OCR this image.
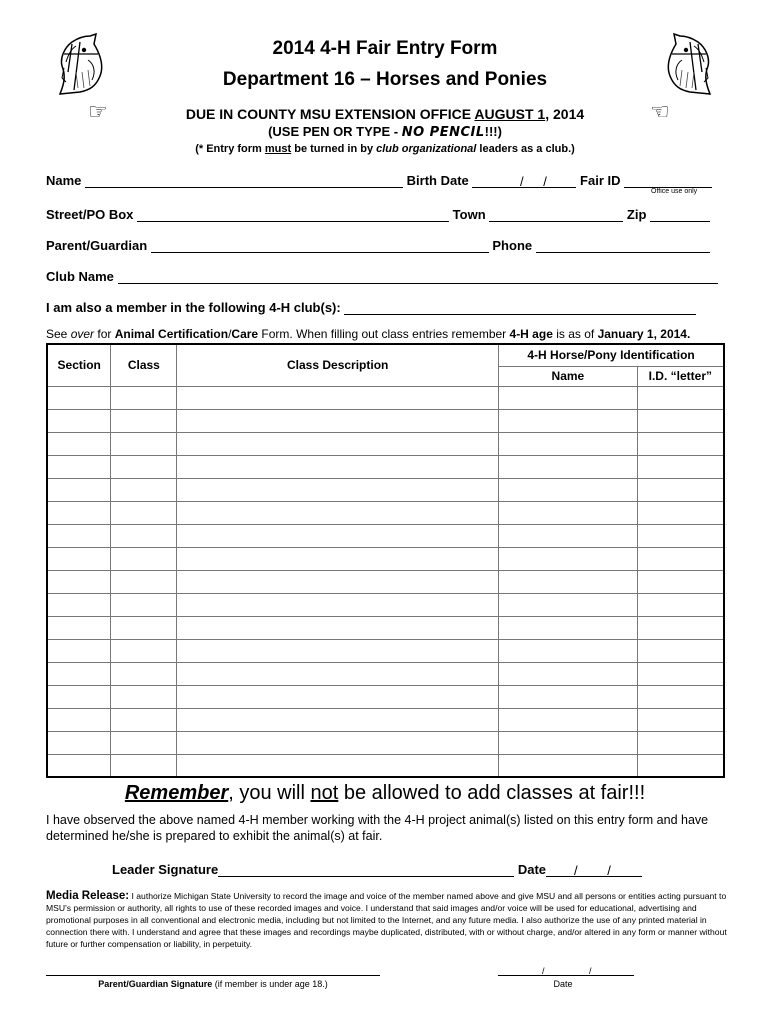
2014 4-H Fair Entry Form
Department 16 – Horses and Ponies
☞	☜
DUE IN COUNTY MSU EXTENSION OFFICE AUGUST 1, 2014
(USE PEN OR TYPE - NO PENCIL!!!)
(* Entry form must be turned in by club organizational leaders as a club.)
Name	Birth Date	/ /	Fair ID
Office use only
Street/PO Box	Town	Zip
Parent/Guardian	Phone
Club Name
I am also a member in the following 4-H club(s):
See over for Animal Certification/Care Form. When filling out class entries remember 4-H age is as of January 1, 2014.
Section	Class	Class Description	4-H Horse/Pony Identification	
			Name	I.D. “letter”

Remember, you will not be allowed to add classes at fair!!!
I have observed the above named 4-H member working with the 4-H project animal(s) listed on this entry form and have determined he/she is prepared to exhibit the animal(s) at fair.
Leader Signature	Date / /
Media Release: I authorize Michigan State University to record the image and voice of the member named above and give MSU and all persons or entities acting pursuant to MSU's permission or authority, all rights to use of these recorded images and voice. I understand that said images and/or voice will be used for educational, advertising and promotional purposes in all conventional and electronic media, including but not limited to the Internet, and any future media. I also authorize the use of any printed material in connection there with. I understand and agree that these images and recordings maybe duplicated, distributed, with or without charge, and/or altered in any form or manner without future or further compensation or liability, in perpetuity.
Parent/Guardian Signature (if member is under age 18.)
/	/
Date
